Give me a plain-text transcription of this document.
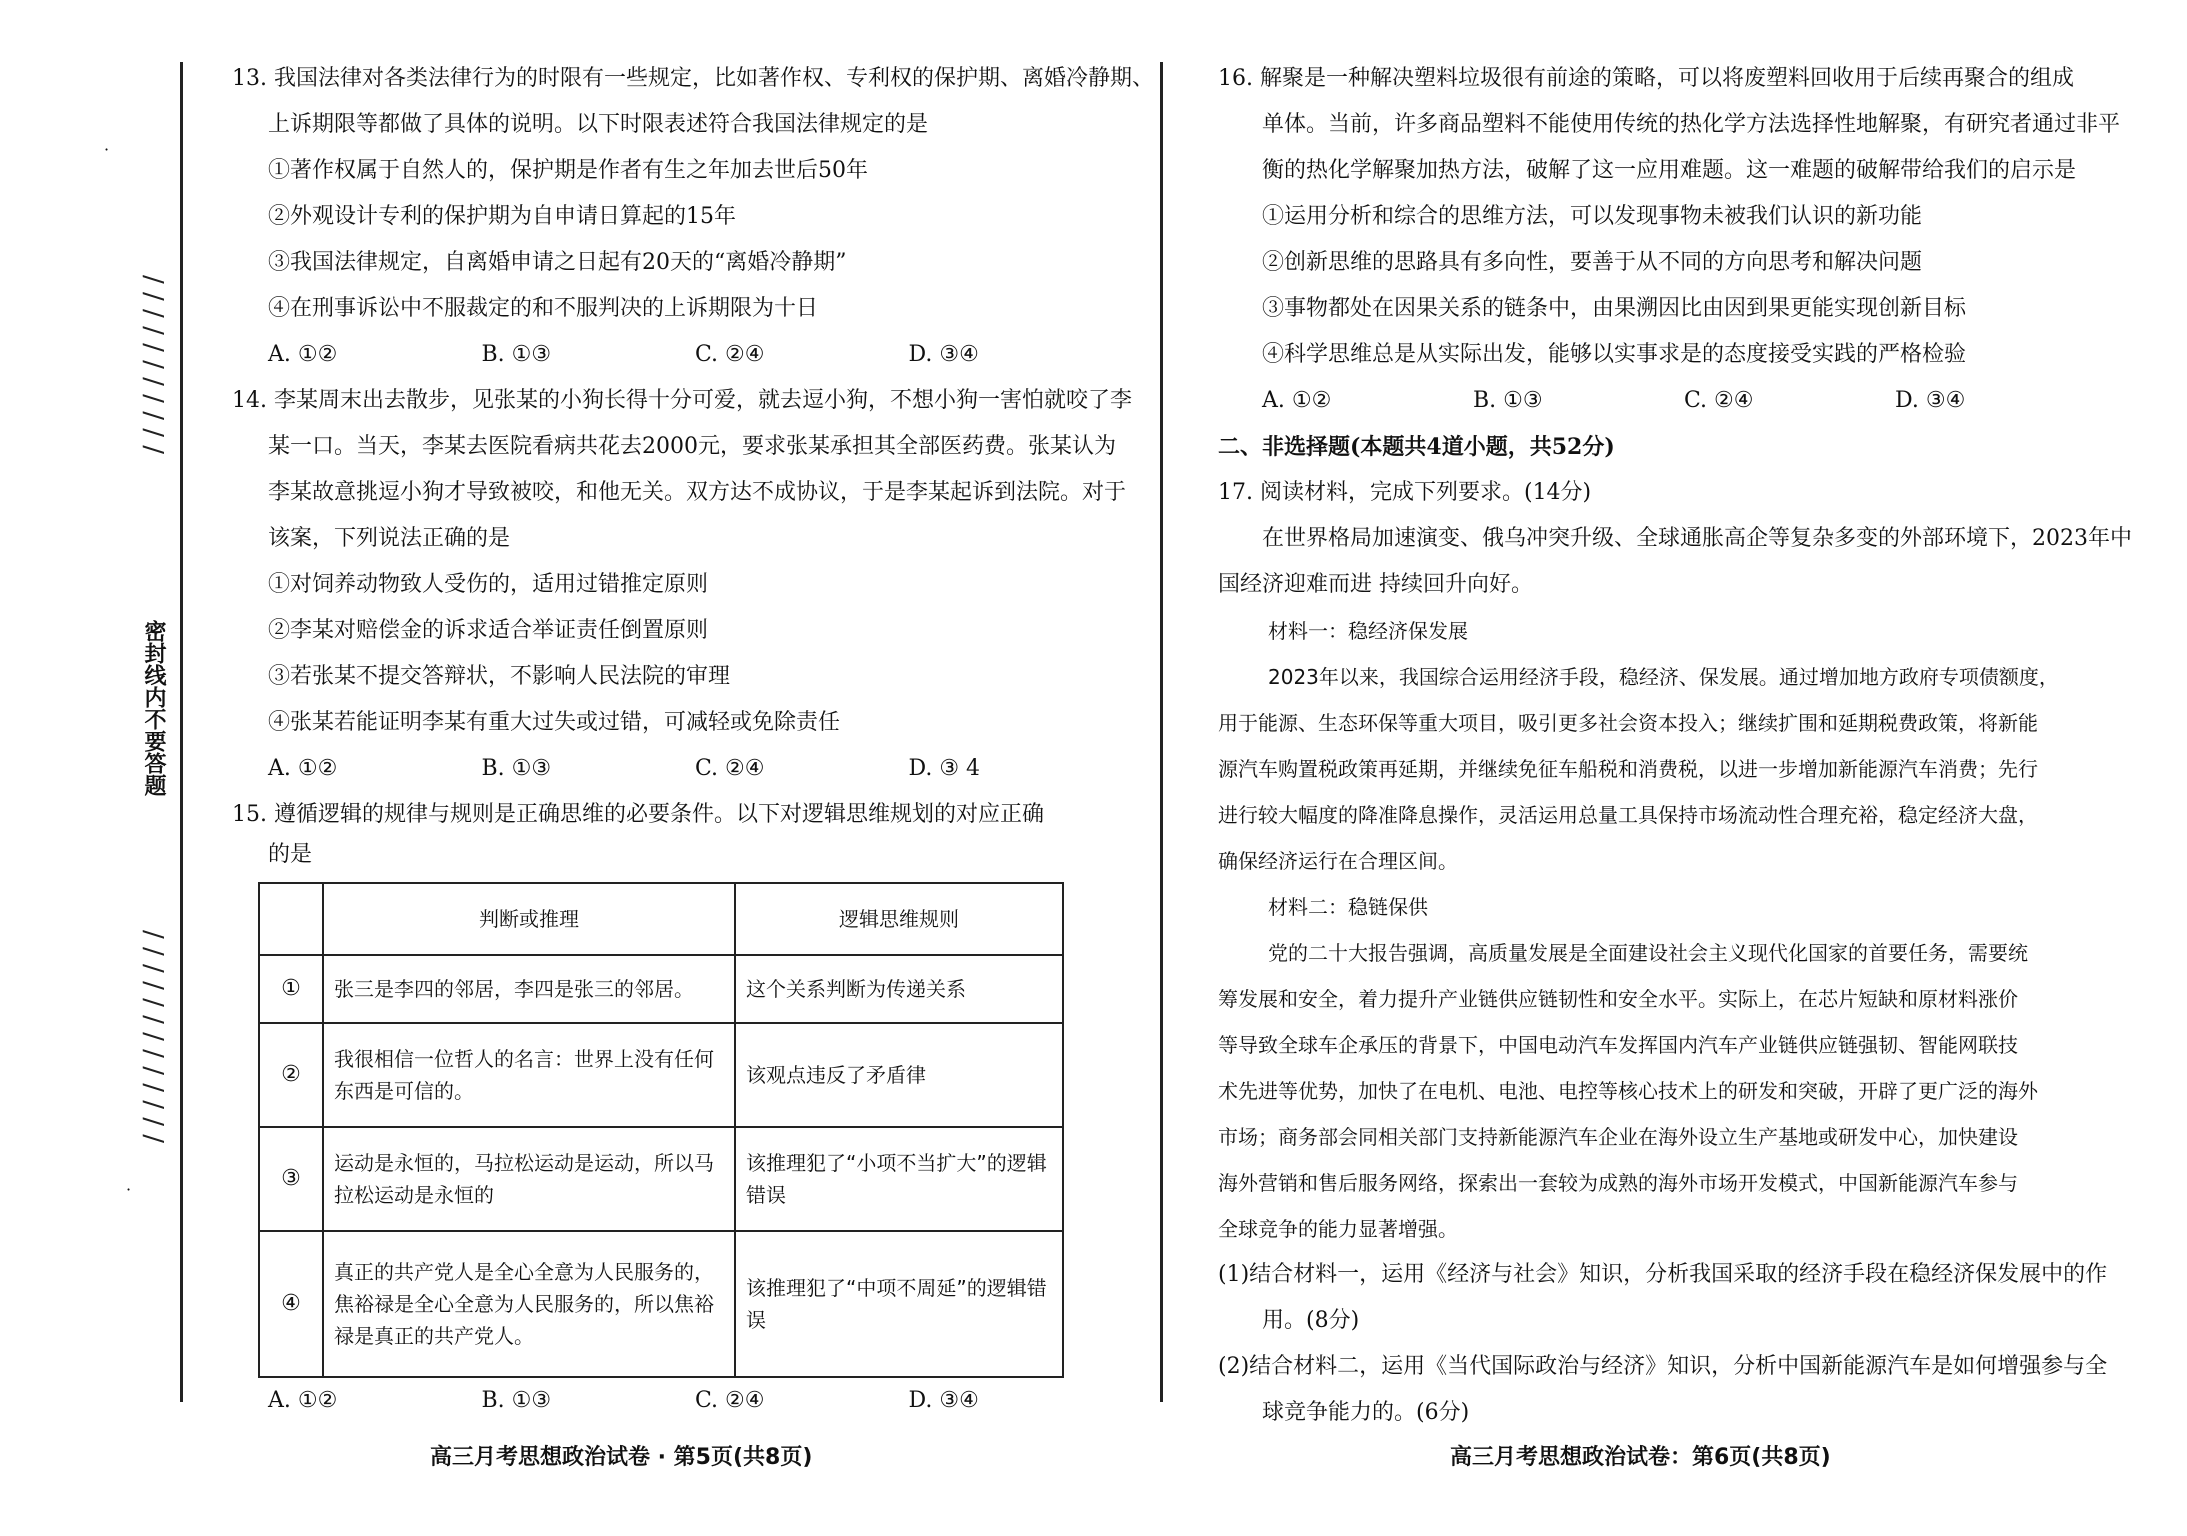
·
/ / / / / / / / / / /
密封线内不要答题
/ / / / / / / / / / / / /
·
13. 我国法律对各类法律行为的时限有一些规定，比如著作权、专利权的保护期、离婚冷静期、
上诉期限等都做了具体的说明。以下时限表述符合我国法律规定的是
①著作权属于自然人的，保护期是作者有生之年加去世后50年
②外观设计专利的保护期为自申请日算起的15年
③我国法律规定，自离婚申请之日起有20天的“离婚冷静期”
④在刑事诉讼中不服裁定的和不服判决的上诉期限为十日
A. ①②	B. ①③	C. ②④	D. ③④
14. 李某周末出去散步，见张某的小狗长得十分可爱，就去逗小狗，不想小狗一害怕就咬了李
某一口。当天，李某去医院看病共花去2000元，要求张某承担其全部医药费。张某认为
李某故意挑逗小狗才导致被咬，和他无关。双方达不成协议，于是李某起诉到法院。对于
该案，下列说法正确的是
①对饲养动物致人受伤的，适用过错推定原则
②李某对赔偿金的诉求适合举证责任倒置原则
③若张某不提交答辩状，不影响人民法院的审理
④张某若能证明李某有重大过失或过错，可减轻或免除责任
A. ①②	B. ①③	C. ②④	D. ③ 4
15. 遵循逻辑的规律与规则是正确思维的必要条件。以下对逻辑思维规划的对应正确
的是
	判断或推理	逻辑思维规则
①	张三是李四的邻居，李四是张三的邻居。	这个关系判断为传递关系
②	我很相信一位哲人的名言：世界上没有任何东西是可信的。	该观点违反了矛盾律
③	运动是永恒的，马拉松运动是运动，所以马拉松运动是永恒的	该推理犯了“小项不当扩大”的逻辑错误
④	真正的共产党人是全心全意为人民服务的，焦裕禄是全心全意为人民服务的，所以焦裕禄是真正的共产党人。	该推理犯了“中项不周延”的逻辑错误
A. ①②	B. ①③	C. ②④	D. ③④
16. 解聚是一种解决塑料垃圾很有前途的策略，可以将废塑料回收用于后续再聚合的组成
单体。当前，许多商品塑料不能使用传统的热化学方法选择性地解聚，有研究者通过非平
衡的热化学解聚加热方法，破解了这一应用难题。这一难题的破解带给我们的启示是
①运用分析和综合的思维方法，可以发现事物未被我们认识的新功能
②创新思维的思路具有多向性，要善于从不同的方向思考和解决问题
③事物都处在因果关系的链条中，由果溯因比由因到果更能实现创新目标
④科学思维总是从实际出发，能够以实事求是的态度接受实践的严格检验
A. ①②	B. ①③	C. ②④	D. ③④
二、非选择题(本题共4道小题，共52分)
17. 阅读材料，完成下列要求。(14分)
在世界格局加速演变、俄乌冲突升级、全球通胀高企等复杂多变的外部环境下，2023年中
国经济迎难而进 持续回升向好。
材料一：稳经济保发展
2023年以来，我国综合运用经济手段，稳经济、保发展。通过增加地方政府专项债额度，
用于能源、生态环保等重大项目，吸引更多社会资本投入；继续扩围和延期税费政策，将新能
源汽车购置税政策再延期，并继续免征车船税和消费税，以进一步增加新能源汽车消费；先行
进行较大幅度的降准降息操作，灵活运用总量工具保持市场流动性合理充裕，稳定经济大盘，
确保经济运行在合理区间。
材料二：稳链保供
党的二十大报告强调，高质量发展是全面建设社会主义现代化国家的首要任务，需要统
筹发展和安全，着力提升产业链供应链韧性和安全水平。实际上，在芯片短缺和原材料涨价
等导致全球车企承压的背景下，中国电动汽车发挥国内汽车产业链供应链强韧、智能网联技
术先进等优势，加快了在电机、电池、电控等核心技术上的研发和突破，开辟了更广泛的海外
市场；商务部会同相关部门支持新能源汽车企业在海外设立生产基地或研发中心，加快建设
海外营销和售后服务网络，探索出一套较为成熟的海外市场开发模式，中国新能源汽车参与
全球竞争的能力显著增强。
(1)结合材料一，运用《经济与社会》知识，分析我国采取的经济手段在稳经济保发展中的作
用。(8分)
(2)结合材料二，运用《当代国际政治与经济》知识，分析中国新能源汽车是如何增强参与全
球竞争能力的。(6分)
高三月考思想政治试卷 · 第5页(共8页)	高三月考思想政治试卷：第6页(共8页)
